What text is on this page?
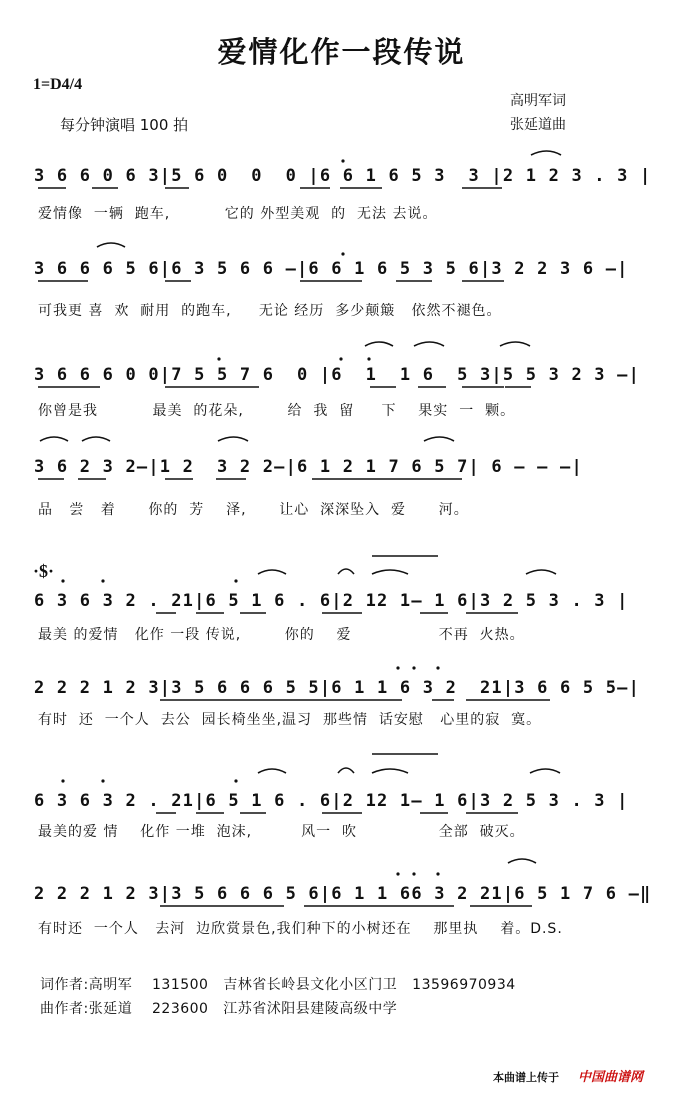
爱情化作一段传说
1=D4/4
每分钟演唱 100 拍
高明军词
张延道曲
3 6 6 0 6 3|5 6 0  0  0 |6 6 1 6 5 3  3 |2 1 2 3 . 3 |
爱情像  一辆  跑车,          它的 外型美观  的  无法 去说。
3 6 6 6 5 6|6 3 5 6 6 —|6 6 1 6 5 3 5 6|3 2 2 3 6 —|
可我更 喜  欢  耐用  的跑车,     无论 经历  多少颠簸   依然不褪色。
3 6 6 6 0 0|7 5 5 7 6  0 |6  1  1 6  5 3|5 5 3 2 3 —|
你曾是我          最美  的花朵,        给  我  留     下    果实  一  颗。
3 6 2 3 2—|1 2  3 2 2—|6 1 2 1 7 6 5 7| 6 — — —|
品   尝   着      你的  芳    泽,      让心  深深坠入  爱      河。
·$·
6 3 6 3 2 . 21|6 5 1 6 . 6|2 12 1— 1 6|3 2 5 3 . 3 |
最美 的爱情   化作 一段 传说,        你的    爱                不再  火热。
2 2 2 1 2 3|3 5 6 6 6 5 5|6 1 1 6 3 2  21|3 6 6 5 5—|
有时  还  一个人  去公  园长椅坐坐,温习  那些情  话安慰   心里的寂  寞。
6 3 6 3 2 . 21|6 5 1 6 . 6|2 12 1— 1 6|3 2 5 3 . 3 |
最美的爱 情    化作 一堆  泡沫,         风一  吹               全部  破灭。
2 2 2 1 2 3|3 5 6 6 6 5 6|6 1 1 66 3 2 21|6 5 1 7 6 —‖
有时还  一个人   去河  边欣赏景色,我们种下的小树还在    那里执    着。D.S.
词作者:高明军    131500   吉林省长岭县文化小区门卫   13596970934
曲作者:张延道    223600   江苏省沭阳县建陵高级中学
本曲谱上传于 中国曲谱网
